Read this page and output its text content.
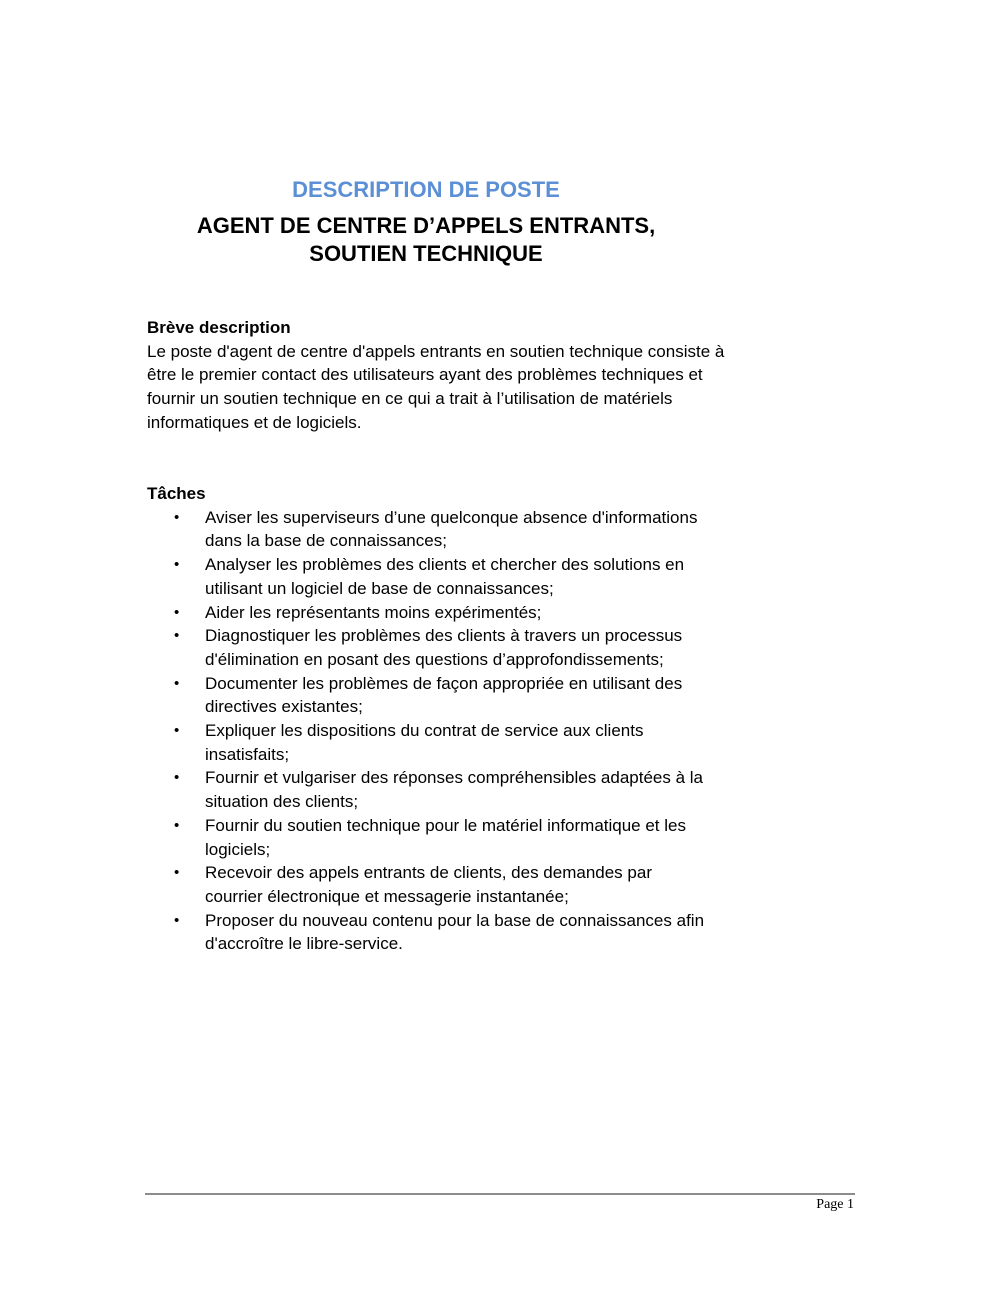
DESCRIPTION DE POSTE
AGENT DE CENTRE D’APPELS ENTRANTS,
SOUTIEN TECHNIQUE
Brève description
Le poste d'agent de centre d'appels entrants en soutien technique consiste à être le premier contact des utilisateurs ayant des problèmes techniques et fournir un soutien technique en ce qui a trait à l’utilisation de matériels informatiques et de logiciels.
Tâches
• Aviser les superviseurs d’une quelconque absence d'informations dans la base de connaissances;
• Analyser les problèmes des clients et chercher des solutions en utilisant un logiciel de base de connaissances;
• Aider les représentants moins expérimentés;
• Diagnostiquer les problèmes des clients à travers un processus d'élimination en posant des questions d’approfondissements;
• Documenter les problèmes de façon appropriée en utilisant des directives existantes;
• Expliquer les dispositions du contrat de service aux clients insatisfaits;
• Fournir et vulgariser des réponses compréhensibles adaptées à la situation des clients;
• Fournir du soutien technique pour le matériel informatique et les logiciels;
• Recevoir des appels entrants de clients, des demandes par courrier électronique et messagerie instantanée;
• Proposer du nouveau contenu pour la base de connaissances afin d'accroître le libre-service.
Page 1
